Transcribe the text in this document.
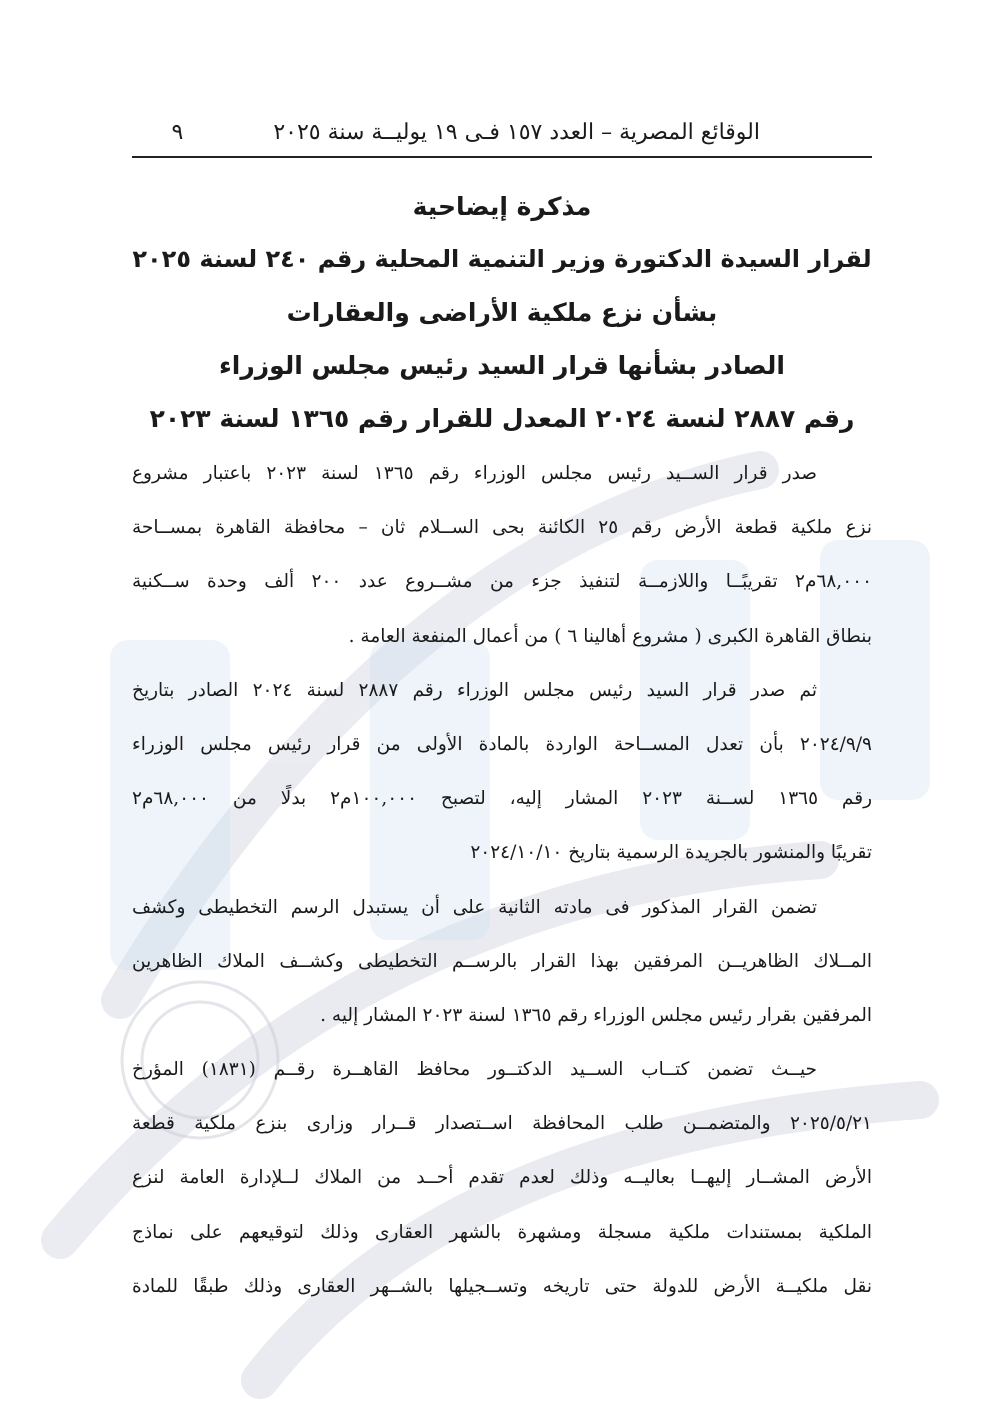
الوقائع المصرية – العدد ١٥٧ فـى ١٩ يوليــة سنة ٢٠٢٥
٩
مذكرة إيضاحية
لقرار السيدة الدكتورة وزير التنمية المحلية رقم ٢٤٠ لسنة ٢٠٢٥
بشأن نزع ملكية الأراضى والعقارات
الصادر بشأنها قرار السيد رئيس مجلس الوزراء
رقم ٢٨٨٧ لنسة ٢٠٢٤ المعدل للقرار رقم ١٣٦٥ لسنة ٢٠٢٣
صدر قرار الســيد رئيس مجلس الوزراء رقم ١٣٦٥ لسنة ٢٠٢٣ باعتبار مشروع
نزع ملكية قطعة الأرض رقم ٢٥ الكائنة بحى الســلام ثان – محافظة القاهرة بمســاحة
٦٨,٠٠٠م٢ تقريبًــا واللازمــة لتنفيذ جزء من مشــروع عدد ٢٠٠ ألف وحدة ســكنية
بنطاق القاهرة الكبرى ( مشروع أهالينا ٦ ) من أعمال المنفعة العامة .
ثم صدر قرار السيد رئيس مجلس الوزراء رقم ٢٨٨٧ لسنة ٢٠٢٤ الصادر بتاريخ
٢٠٢٤/٩/٩ بأن تعدل المســاحة الواردة بالمادة الأولى من قرار رئيس مجلس الوزراء
رقم ١٣٦٥ لســنة ٢٠٢٣ المشار إليه، لتصبح ١٠٠,٠٠٠م٢ بدلًا من ٦٨,٠٠٠م٢
تقريبًا والمنشور بالجريدة الرسمية بتاريخ ٢٠٢٤/١٠/١٠
تضمن القرار المذكور فى مادته الثانية على أن يستبدل الرسم التخطيطى وكشف
المــلاك الظاهريــن المرفقين بهذا القرار بالرســم التخطيطى وكشــف الملاك الظاهرين
المرفقين بقرار رئيس مجلس الوزراء رقم ١٣٦٥ لسنة ٢٠٢٣ المشار إليه .
حيــث تضمن كتــاب الســيد الدكتــور محافظ القاهــرة رقــم (١٨٣١) المؤرخ
٢٠٢٥/٥/٢١ والمتضمــن طلب المحافظة اســتصدار قــرار وزارى بنزع ملكية قطعة
الأرض المشــار إليهــا بعاليــه وذلك لعدم تقدم أحــد من الملاك لــلإدارة العامة لنزع
الملكية بمستندات ملكية مسجلة ومشهرة بالشهر العقارى وذلك لتوقيعهم على نماذج
نقل ملكيــة الأرض للدولة حتى تاريخه وتســجيلها بالشــهر العقارى وذلك طبقًا للمادة
